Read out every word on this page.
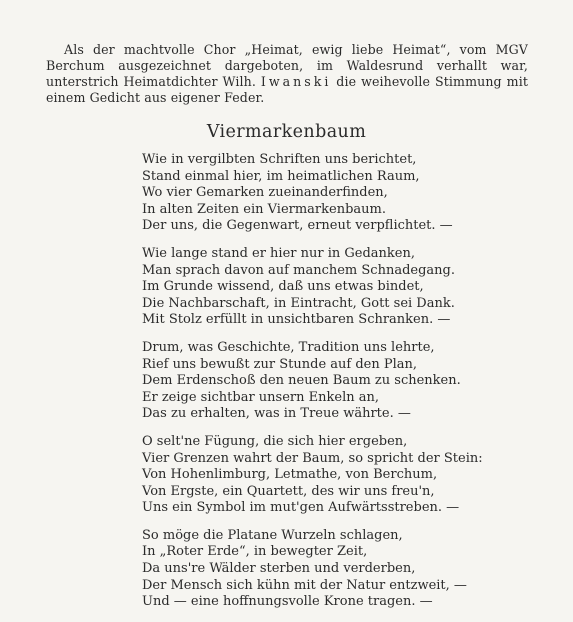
Als der machtvolle Chor „Heimat, ewig liebe Heimat“, vom MGV Berchum ausgezeichnet dargeboten, im Waldesrund verhallt war, unterstrich Heimatdichter Wilh. Iwanski die weihevolle Stimmung mit einem Gedicht aus eigener Feder.

Viermarkenbaum
Wie in vergilbten Schriften uns berichtet,
Stand einmal hier, im heimatlichen Raum,
Wo vier Gemarken zueinanderfinden,
In alten Zeiten ein Viermarkenbaum.
Der uns, die Gegenwart, erneut verpflichtet. —
Wie lange stand er hier nur in Gedanken,
Man sprach davon auf manchem Schnadegang.
Im Grunde wissend, daß uns etwas bindet,
Die Nachbarschaft, in Eintracht, Gott sei Dank.
Mit Stolz erfüllt in unsichtbaren Schranken. —
Drum, was Geschichte, Tradition uns lehrte,
Rief uns bewußt zur Stunde auf den Plan,
Dem Erdenschoß den neuen Baum zu schenken.
Er zeige sichtbar unsern Enkeln an,
Das zu erhalten, was in Treue währte. —
O selt'ne Fügung, die sich hier ergeben,
Vier Grenzen wahrt der Baum, so spricht der Stein:
Von Hohenlimburg, Letmathe, von Berchum,
Von Ergste, ein Quartett, des wir uns freu'n,
Uns ein Symbol im mut'gen Aufwärtsstreben. —
So möge die Platane Wurzeln schlagen,
In „Roter Erde“, in bewegter Zeit,
Da uns're Wälder sterben und verderben,
Der Mensch sich kühn mit der Natur entzweit, —
Und — eine hoffnungsvolle Krone tragen. —
